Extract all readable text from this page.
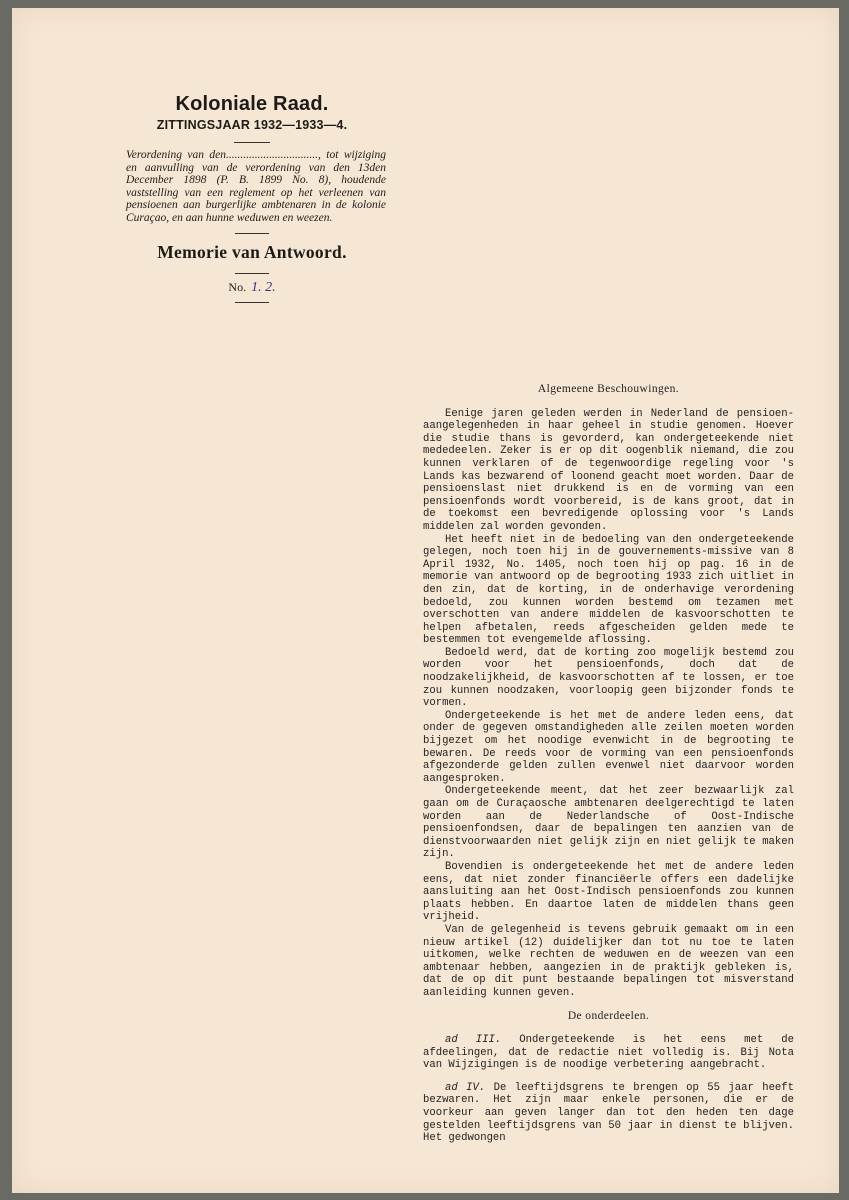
Koloniale Raad.

ZITTINGSJAAR 1932—1933—4.

Verordening van den................................, tot wijziging en aanvulling van de verordening van den 13den December 1898 (P. B. 1899 No. 8), houdende vaststelling van een reglement op het verleenen van pensioenen aan burgerlijke ambtenaren in de kolonie Curaçao, en aan hunne weduwen en weezen.

Memorie van Antwoord.

No. 1. 2.

Algemeene Beschouwingen.

Eenige jaren geleden werden in Nederland de pensioen-aangelegenheden in haar geheel in studie genomen. Hoever die studie thans is gevorderd, kan ondergeteekende niet mededeelen. Zeker is er op dit oogenblik niemand, die zou kunnen verklaren of de tegenwoordige regeling voor 's Lands kas bezwarend of loonend geacht moet worden. Daar de pensioenslast niet drukkend is en de vorming van een pensioenfonds wordt voorbereid, is de kans groot, dat in de toekomst een bevredigende oplossing voor 's Lands middelen zal worden gevonden.

Het heeft niet in de bedoeling van den ondergeteekende gelegen, noch toen hij in de gouvernements-missive van 8 April 1932, No. 1405, noch toen hij op pag. 16 in de memorie van antwoord op de begrooting 1933 zich uitliet in den zin, dat de korting, in de onderhavige verordening bedoeld, zou kunnen worden bestemd om tezamen met overschotten van andere middelen de kasvoorschotten te helpen afbetalen, reeds afgescheiden gelden mede te bestemmen tot evengemelde aflossing.

Bedoeld werd, dat de korting zoo mogelijk bestemd zou worden voor het pensioenfonds, doch dat de noodzakelijkheid, de kasvoorschotten af te lossen, er toe zou kunnen noodzaken, voorloopig geen bijzonder fonds te vormen.

Ondergeteekende is het met de andere leden eens, dat onder de gegeven omstandigheden alle zeilen moeten worden bijgezet om het noodige evenwicht in de begrooting te bewaren. De reeds voor de vorming van een pensioenfonds afgezonderde gelden zullen evenwel niet daarvoor worden aangesproken.

Ondergeteekende meent, dat het zeer bezwaarlijk zal gaan om de Curaçaosche ambtenaren deelgerechtigd te laten worden aan de Nederlandsche of Oost-Indische pensioenfondsen, daar de bepalingen ten aanzien van de dienstvoorwaarden niet gelijk zijn en niet gelijk te maken zijn.

Bovendien is ondergeteekende het met de andere leden eens, dat niet zonder financiëerle offers een dadelijke aansluiting aan het Oost-Indisch pensioenfonds zou kunnen plaats hebben. En daartoe laten de middelen thans geen vrijheid.

Van de gelegenheid is tevens gebruik gemaakt om in een nieuw artikel (12) duidelijker dan tot nu toe te laten uitkomen, welke rechten de weduwen en de weezen van een ambtenaar hebben, aangezien in de praktijk gebleken is, dat de op dit punt bestaande bepalingen tot misverstand aanleiding kunnen geven.

De onderdeelen.

ad III. Ondergeteekende is het eens met de afdeelingen, dat de redactie niet volledig is. Bij Nota van Wijzigingen is de noodige verbetering aangebracht.

ad IV. De leeftijdsgrens te brengen op 55 jaar heeft bezwaren. Het zijn maar enkele personen, die er de voorkeur aan geven langer dan tot den heden ten dage gestelden leeftijdsgrens van 50 jaar in dienst te blijven. Het gedwongen
